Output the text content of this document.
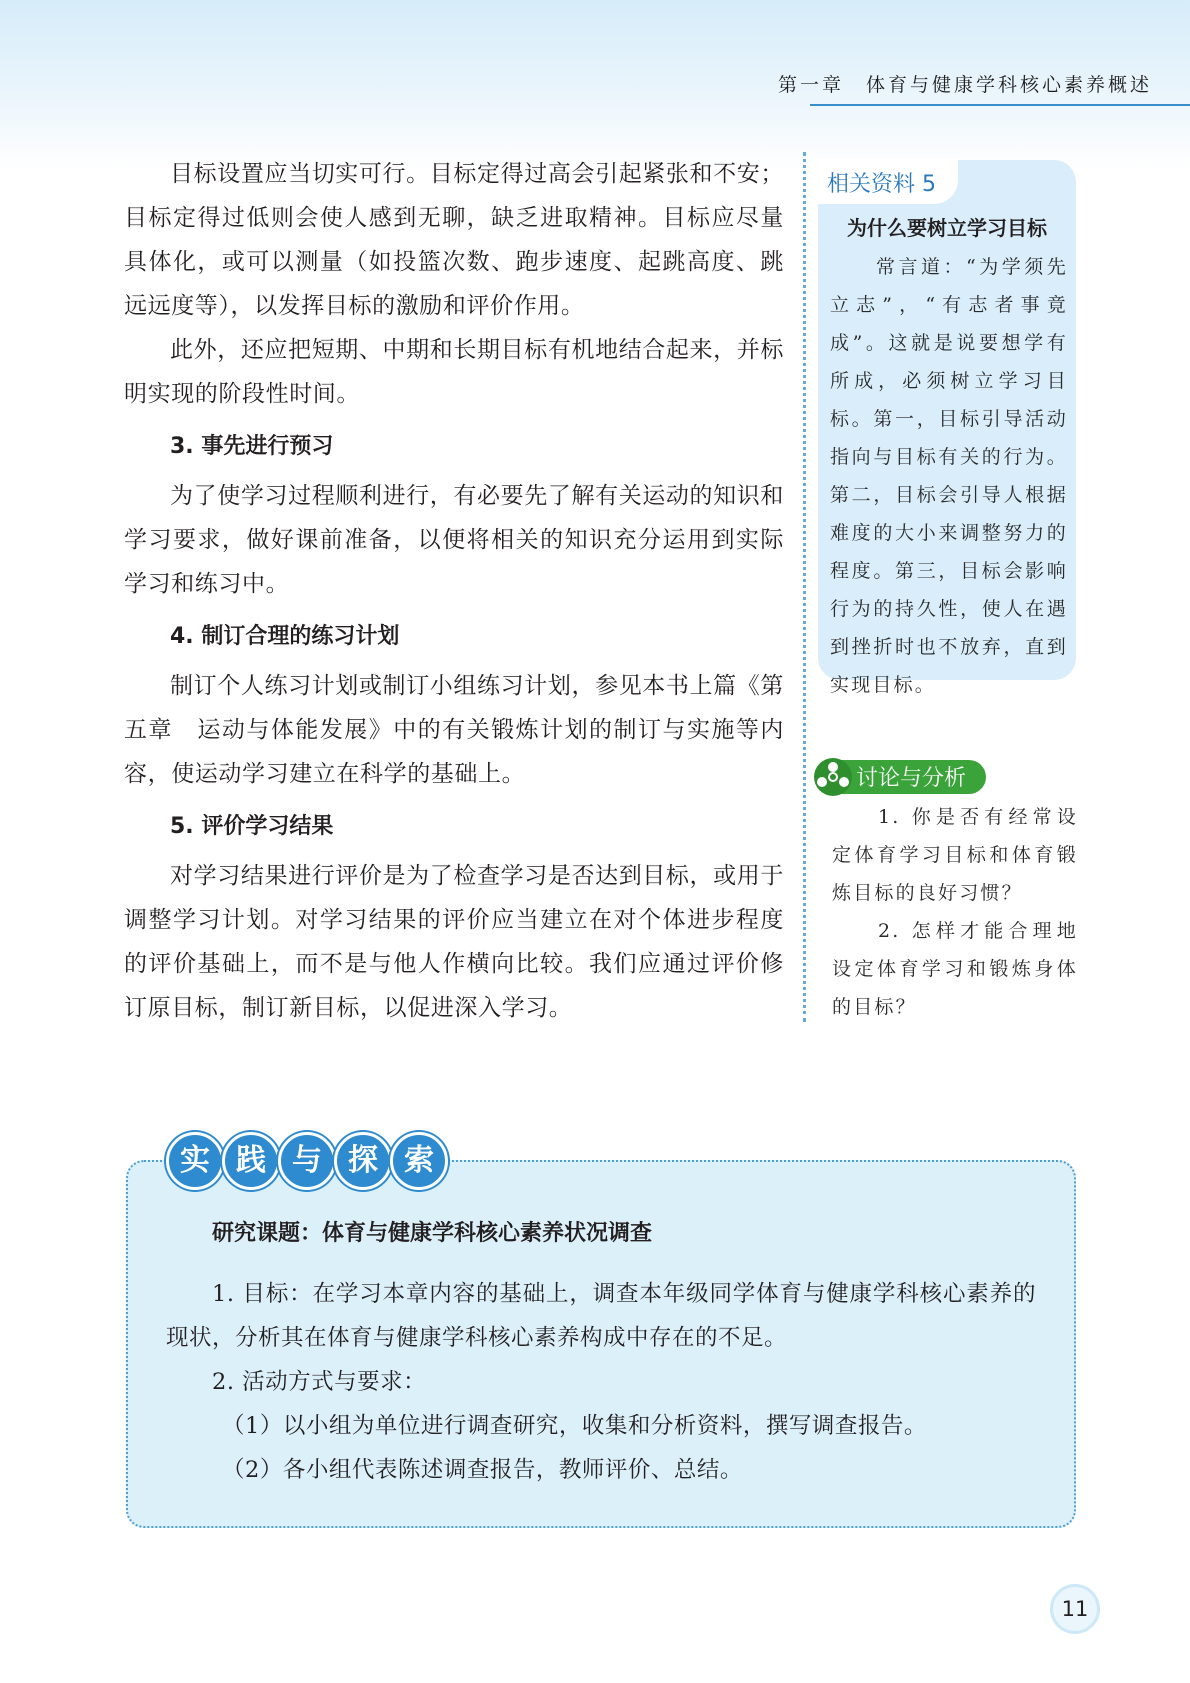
第一章　体育与健康学科核心素养概述

目标设置应当切实可行。目标定得过高会引起紧张和不安；目标定得过低则会使人感到无聊，缺乏进取精神。目标应尽量具体化，或可以测量（如投篮次数、跑步速度、起跳高度、跳远远度等），以发挥目标的激励和评价作用。

此外，还应把短期、中期和长期目标有机地结合起来，并标明实现的阶段性时间。

3. 事先进行预习

为了使学习过程顺利进行，有必要先了解有关运动的知识和学习要求，做好课前准备，以便将相关的知识充分运用到实际学习和练习中。

4. 制订合理的练习计划

制订个人练习计划或制订小组练习计划，参见本书上篇《第五章　运动与体能发展》中的有关锻炼计划的制订与实施等内容，使运动学习建立在科学的基础上。

5. 评价学习结果

对学习结果进行评价是为了检查学习是否达到目标，或用于调整学习计划。对学习结果的评价应当建立在对个体进步程度的评价基础上，而不是与他人作横向比较。我们应通过评价修订原目标，制订新目标，以促进深入学习。

相关资料 5
为什么要树立学习目标

常言道：“为学须先立志”，“有志者事竟成”。这就是说要想学有所成，必须树立学习目标。第一，目标引导活动指向与目标有关的行为。第二，目标会引导人根据难度的大小来调整努力的程度。第三，目标会影响行为的持久性，使人在遇到挫折时也不放弃，直到实现目标。

讨论与分析

1. 你是否有经常设定体育学习目标和体育锻炼目标的良好习惯？

2. 怎样才能合理地设定体育学习和锻炼身体的目标？

实 践 与 探 索
研究课题：体育与健康学科核心素养状况调查

1. 目标：在学习本章内容的基础上，调查本年级同学体育与健康学科核心素养的现状，分析其在体育与健康学科核心素养构成中存在的不足。

2. 活动方式与要求：

（1）以小组为单位进行调查研究，收集和分析资料，撰写调查报告。

（2）各小组代表陈述调查报告，教师评价、总结。

11
